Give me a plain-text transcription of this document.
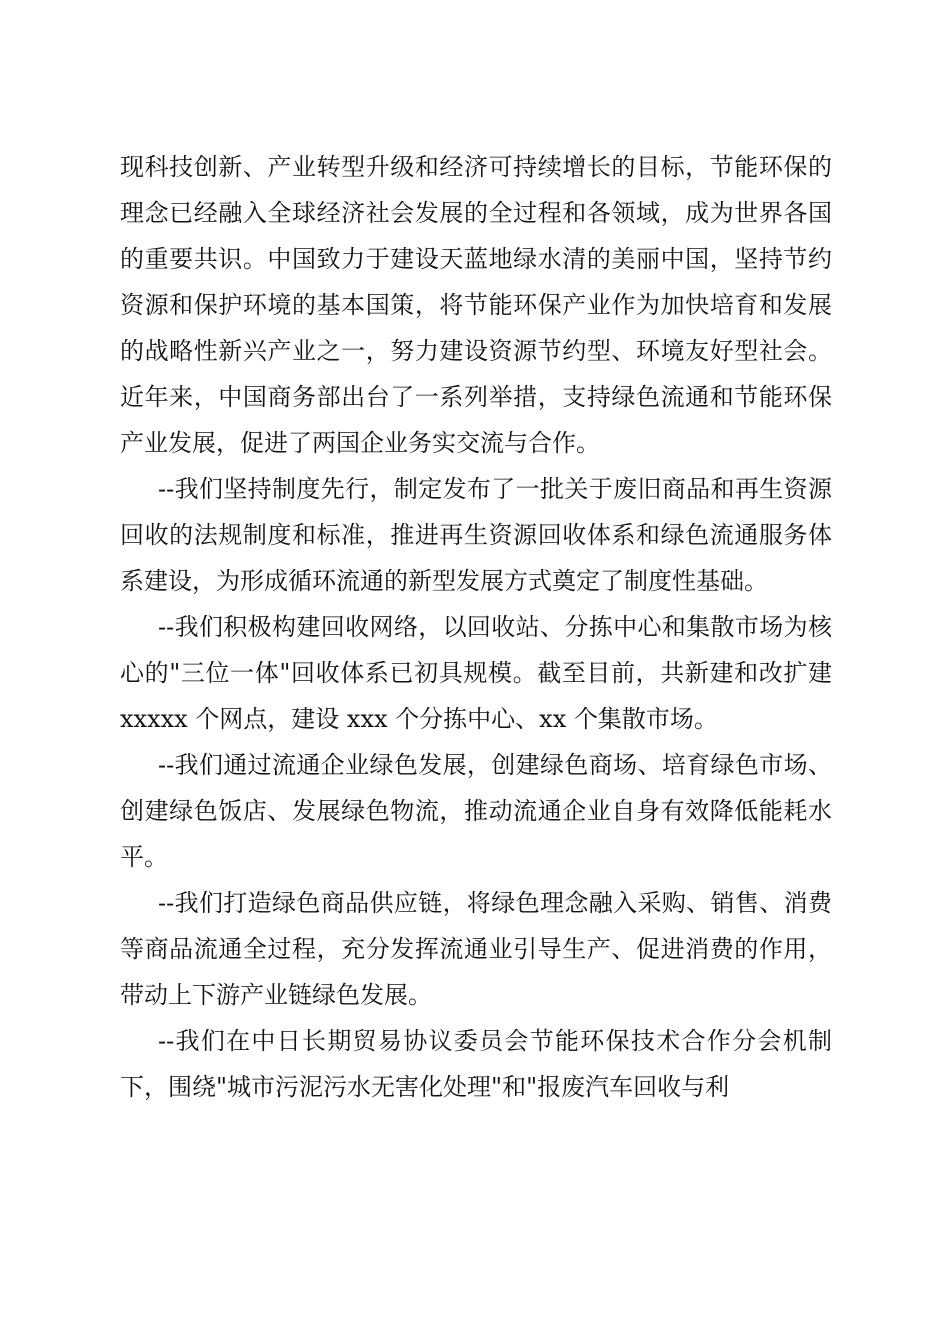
现科技创新、产业转型升级和经济可持续增长的目标，节能环保的理念已经融入全球经济社会发展的全过程和各领域，成为世界各国的重要共识。中国致力于建设天蓝地绿水清的美丽中国，坚持节约资源和保护环境的基本国策，将节能环保产业作为加快培育和发展的战略性新兴产业之一，努力建设资源节约型、环境友好型社会。近年来，中国商务部出台了一系列举措，支持绿色流通和节能环保产业发展，促进了两国企业务实交流与合作。

--我们坚持制度先行，制定发布了一批关于废旧商品和再生资源回收的法规制度和标准，推进再生资源回收体系和绿色流通服务体系建设，为形成循环流通的新型发展方式奠定了制度性基础。

--我们积极构建回收网络，以回收站、分拣中心和集散市场为核心的"三位一体"回收体系已初具规模。截至目前，共新建和改扩建 xxxxx 个网点，建设 xxx 个分拣中心、xx 个集散市场。

--我们通过流通企业绿色发展，创建绿色商场、培育绿色市场、创建绿色饭店、发展绿色物流，推动流通企业自身有效降低能耗水平。

--我们打造绿色商品供应链，将绿色理念融入采购、销售、消费等商品流通全过程，充分发挥流通业引导生产、促进消费的作用，带动上下游产业链绿色发展。

--我们在中日长期贸易协议委员会节能环保技术合作分会机制下，围绕"城市污泥污水无害化处理"和"报废汽车回收与利
